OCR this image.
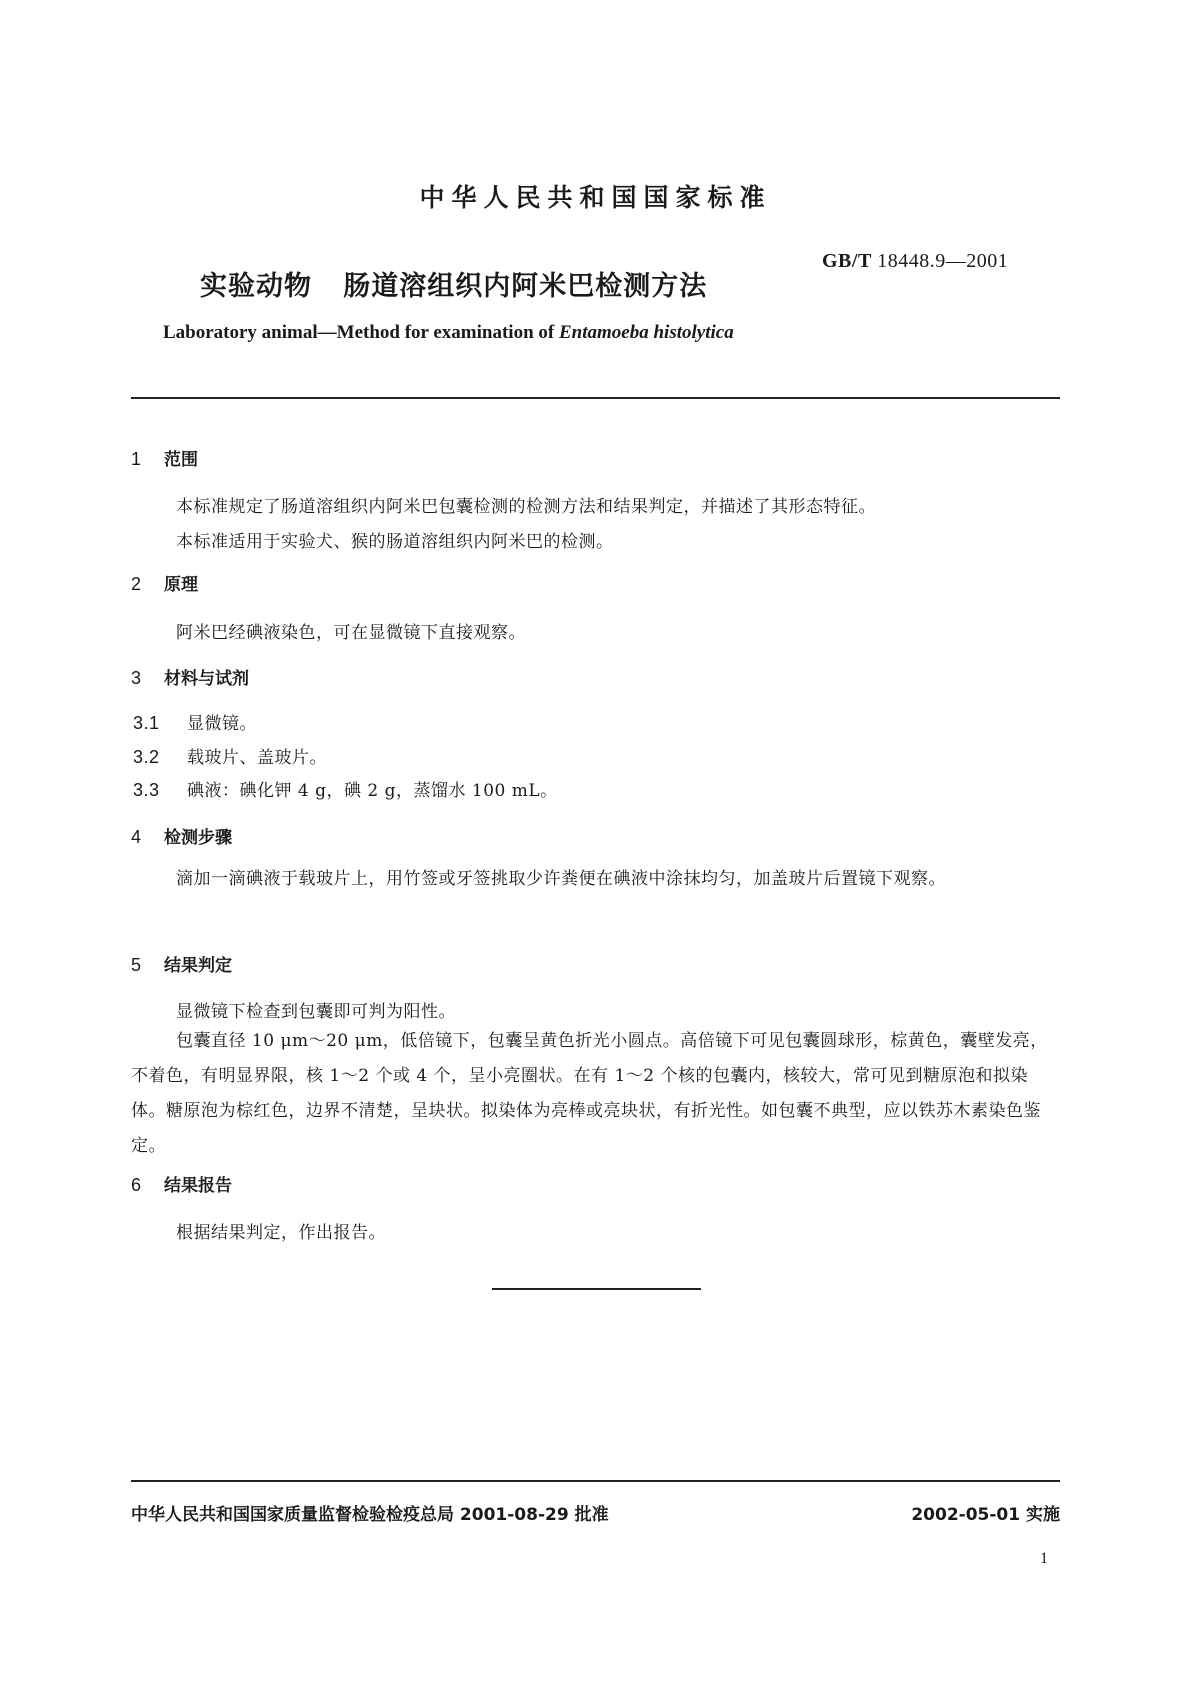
中华人民共和国国家标准
GB/T 18448.9—2001
实验动物 肠道溶组织内阿米巴检测方法
Laboratory animal—Method for examination of Entamoeba histolytica
1 范围
本标准规定了肠道溶组织内阿米巴包囊检测的检测方法和结果判定，并描述了其形态特征。
本标准适用于实验犬、猴的肠道溶组织内阿米巴的检测。
2 原理
阿米巴经碘液染色，可在显微镜下直接观察。
3 材料与试剂
3.1 显微镜。
3.2 载玻片、盖玻片。
3.3 碘液：碘化钾 4 g，碘 2 g，蒸馏水 100 mL。
4 检测步骤
滴加一滴碘液于载玻片上，用竹签或牙签挑取少许粪便在碘液中涂抹均匀，加盖玻片后置镜下观察。
5 结果判定
显微镜下检查到包囊即可判为阳性。
包囊直径 10 μm～20 μm，低倍镜下，包囊呈黄色折光小圆点。高倍镜下可见包囊圆球形，棕黄色，囊壁发亮，不着色，有明显界限，核 1～2 个或 4 个，呈小亮圈状。在有 1～2 个核的包囊内，核较大，常可见到糖原泡和拟染体。糖原泡为棕红色，边界不清楚，呈块状。拟染体为亮棒或亮块状，有折光性。如包囊不典型，应以铁苏木素染色鉴定。
6 结果报告
根据结果判定，作出报告。
中华人民共和国国家质量监督检验检疫总局 2001-08-29 批准	2002-05-01 实施
1
